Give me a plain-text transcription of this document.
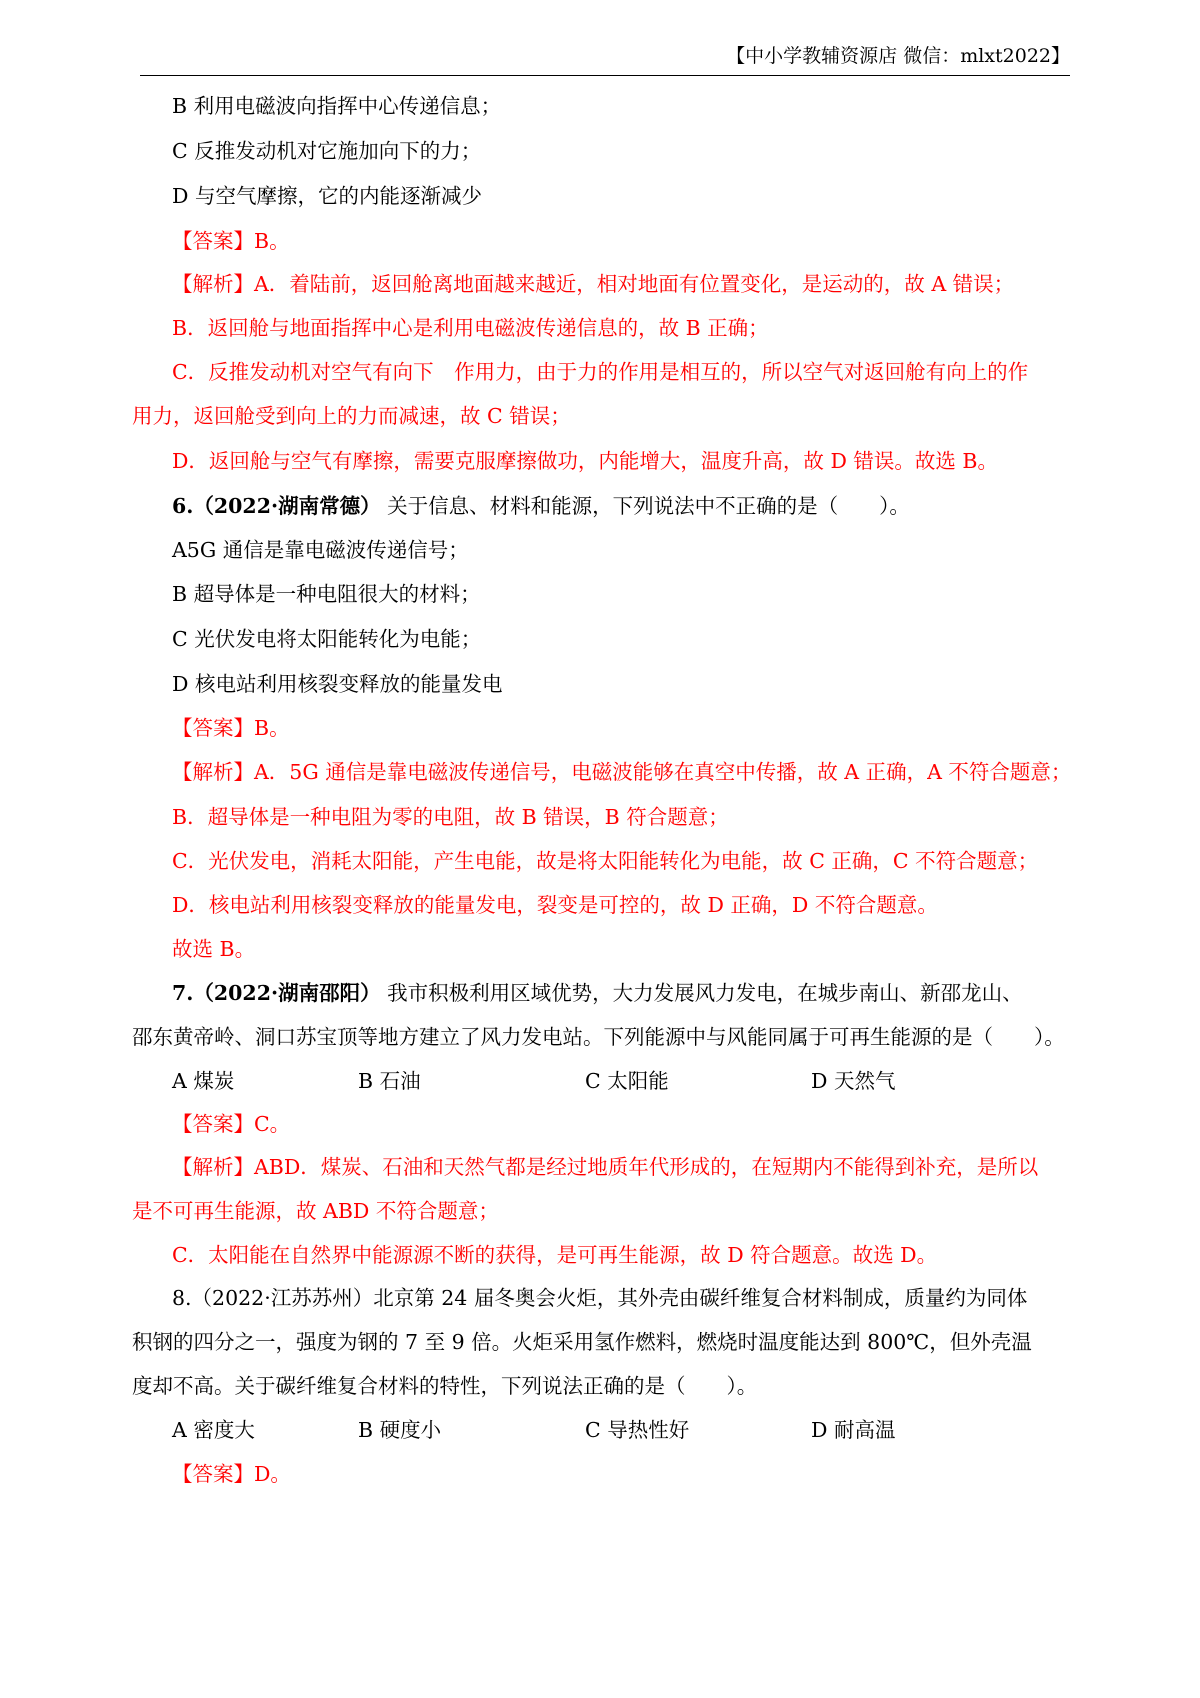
【中小学教辅资源店 微信：mlxt2022】
B 利用电磁波向指挥中心传递信息；
C 反推发动机对它施加向下的力；
D 与空气摩擦，它的内能逐渐减少
【答案】B。
【解析】A．着陆前，返回舱离地面越来越近，相对地面有位置变化，是运动的，故 A 错误；
B．返回舱与地面指挥中心是利用电磁波传递信息的，故 B 正确；
C．反推发动机对空气有向下　作用力，由于力的作用是相互的，所以空气对返回舱有向上的作
用力，返回舱受到向上的力而减速，故 C 错误；
D．返回舱与空气有摩擦，需要克服摩擦做功，内能增大，温度升高，故 D 错误。故选 B。
6.（2022·湖南常德） 关于信息、材料和能源，下列说法中不正确的是（　　）。
A5G 通信是靠电磁波传递信号；
B 超导体是一种电阻很大的材料；
C 光伏发电将太阳能转化为电能；
D 核电站利用核裂变释放的能量发电
【答案】B。
【解析】A．5G 通信是靠电磁波传递信号，电磁波能够在真空中传播，故 A 正确，A 不符合题意；
B．超导体是一种电阻为零的电阻，故 B 错误，B 符合题意；
C．光伏发电，消耗太阳能，产生电能，故是将太阳能转化为电能，故 C 正确，C 不符合题意；
D．核电站利用核裂变释放的能量发电，裂变是可控的，故 D 正确，D 不符合题意。
故选 B。
7.（2022·湖南邵阳） 我市积极利用区域优势，大力发展风力发电，在城步南山、新邵龙山、
邵东黄帝岭、洞口苏宝顶等地方建立了风力发电站。下列能源中与风能同属于可再生能源的是（　　）。
A 煤炭	B 石油	C 太阳能	D 天然气
【答案】C。
【解析】ABD．煤炭、石油和天然气都是经过地质年代形成的，在短期内不能得到补充，是所以
是不可再生能源，故 ABD 不符合题意；
C．太阳能在自然界中能源源不断的获得，是可再生能源，故 D 符合题意。故选 D。
8.（2022·江苏苏州）北京第 24 届冬奥会火炬，其外壳由碳纤维复合材料制成，质量约为同体
积钢的四分之一，强度为钢的 7 至 9 倍。火炬采用氢作燃料，燃烧时温度能达到 800℃，但外壳温
度却不高。关于碳纤维复合材料的特性，下列说法正确的是（　　）。
A 密度大	B 硬度小	C 导热性好	D 耐高温
【答案】D。
